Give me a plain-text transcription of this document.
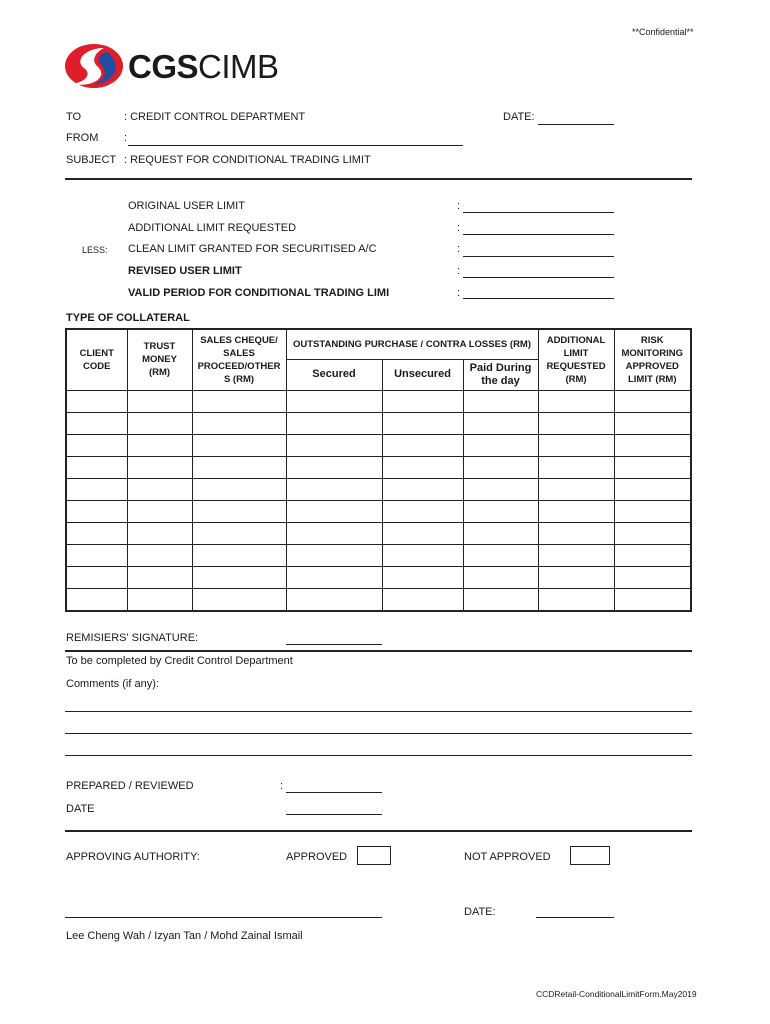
**Confidential**
CGSCIMB
TO	: CREDIT CONTROL DEPARTMENT	DATE:
FROM :
SUBJECT : REQUEST FOR CONDITIONAL TRADING LIMIT
ORIGINAL USER LIMIT	:
ADDITIONAL LIMIT REQUESTED	:
LESS: CLEAN LIMIT GRANTED FOR SECURITISED A/C	:
REVISED USER LIMIT	:
VALID PERIOD FOR CONDITIONAL TRADING LIMI	:
TYPE OF COLLATERAL
CLIENT CODE	TRUST MONEY (RM)	SALES CHEQUE/ SALES PROCEED/OTHER S (RM)	OUTSTANDING PURCHASE / CONTRA LOSSES (RM)			ADDITIONAL LIMIT REQUESTED (RM)	RISK MONITORING APPROVED LIMIT (RM)
			Secured	Unsecured	Paid During the day		

REMISIERS' SIGNATURE:
To be completed by Credit Control Department
Comments (if any):
PREPARED / REVIEWED	:
DATE
APPROVING AUTHORITY:	APPROVED	NOT APPROVED
DATE:
Lee Cheng Wah / Izyan Tan / Mohd Zainal Ismail
CCDRetail-ConditionalLimitForm.May2019
